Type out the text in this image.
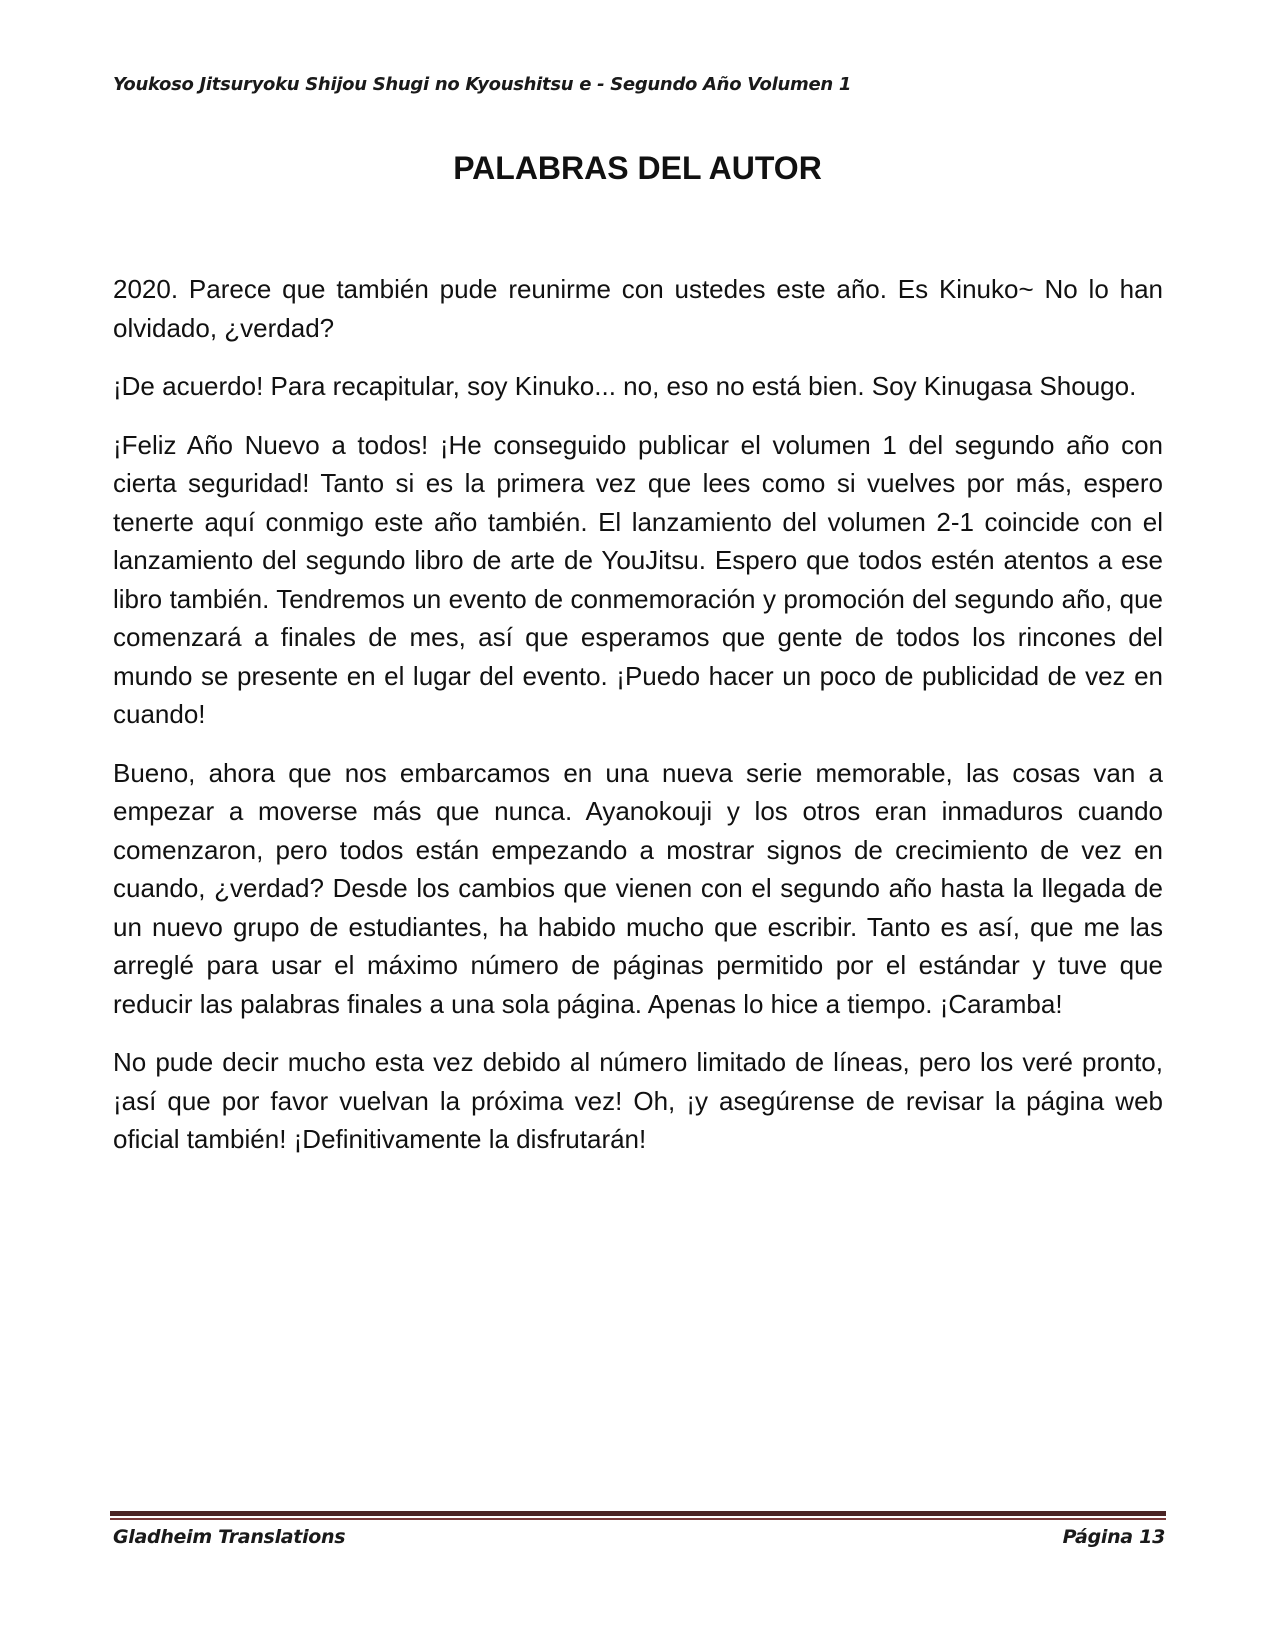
Youkoso Jitsuryoku Shijou Shugi no Kyoushitsu e - Segundo Año Volumen 1
PALABRAS DEL AUTOR

2020. Parece que también pude reunirme con ustedes este año. Es Kinuko~ No lo han olvidado, ¿verdad?

¡De acuerdo! Para recapitular, soy Kinuko... no, eso no está bien. Soy Kinugasa Shougo.

¡Feliz Año Nuevo a todos! ¡He conseguido publicar el volumen 1 del segundo año con cierta seguridad! Tanto si es la primera vez que lees como si vuelves por más, espero tenerte aquí conmigo este año también. El lanzamiento del volumen 2-1 coincide con el lanzamiento del segundo libro de arte de YouJitsu. Espero que todos estén atentos a ese libro también. Tendremos un evento de conmemoración y promoción del segundo año, que comenzará a finales de mes, así que esperamos que gente de todos los rincones del mundo se presente en el lugar del evento. ¡Puedo hacer un poco de publicidad de vez en cuando!

Bueno, ahora que nos embarcamos en una nueva serie memorable, las cosas van a empezar a moverse más que nunca. Ayanokouji y los otros eran inmaduros cuando comenzaron, pero todos están empezando a mostrar signos de crecimiento de vez en cuando, ¿verdad? Desde los cambios que vienen con el segundo año hasta la llegada de un nuevo grupo de estudiantes, ha habido mucho que escribir. Tanto es así, que me las arreglé para usar el máximo número de páginas permitido por el estándar y tuve que reducir las palabras finales a una sola página. Apenas lo hice a tiempo. ¡Caramba!

No pude decir mucho esta vez debido al número limitado de líneas, pero los veré pronto, ¡así que por favor vuelvan la próxima vez! Oh, ¡y asegúrense de revisar la página web oficial también! ¡Definitivamente la disfrutarán!

Gladheim Translations	Página 13
